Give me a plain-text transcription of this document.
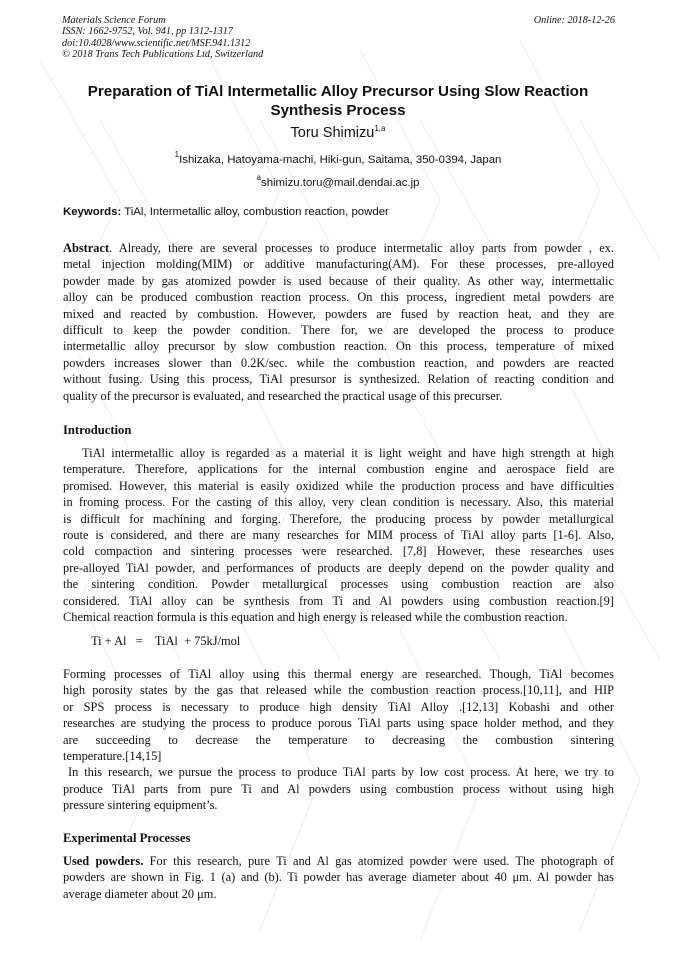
Materials Science Forum
ISSN: 1662-9752, Vol. 941, pp 1312-1317
doi:10.4028/www.scientific.net/MSF.941.1312
© 2018 Trans Tech Publications Ltd, Switzerland
Online: 2018-12-26
Preparation of TiAl Intermetallic Alloy Precursor Using Slow Reaction
Synthesis Process
Toru Shimizu$^{1,a}$
$^1$Ishizaka, Hatoyama-machi, Hiki-gun, Saitama, 350-0394, Japan
$^a$shimizu.toru@mail.dendai.ac.jp
Keywords: TiAl, Intermetallic alloy, combustion reaction, powder
Abstract. Already, there are several processes to produce intermetalic alloy parts from powder , ex.
metal injection molding(MIM) or additive manufacturing(AM). For these processes, pre-alloyed
powder made by gas atomized powder is used because of their quality. As other way, intermettalic
alloy can be produced combustion reaction process. On this process, ingredient metal powders are
mixed and reacted by combustion. However, powders are fused by reaction heat, and they are
difficult to keep the powder condition. There for, we are developed the process to produce
intermetallic alloy precursor by slow combustion reaction. On this process, temperature of mixed
powders increases slower than 0.2K/sec. while the combustion reaction, and powders are reacted
without fusing. Using this process, TiAl presursor is synthesized. Relation of reacting condition and
quality of the precursor is evaluated, and researched the practical usage of this precurser.
Introduction
TiAl intermetallic alloy is regarded as a material it is light weight and have high strength at high
temperature. Therefore, applications for the internal combustion engine and aerospace field are
promised. However, this material is easily oxidized while the production process and have difficulties
in froming process. For the casting of this alloy, very clean condition is necessary. Also, this material
is difficult for machining and forging. Therefore, the producing process by powder metallurgical
route is considered, and there are many researches for MIM process of TiAl alloy parts [1-6]. Also,
cold compaction and sintering processes were researched. [7,8] However, these researches uses
pre-alloyed TiAl powder, and performances of products are deeply depend on the powder quality and
the sintering condition. Powder metallurgical processes using combustion reaction are also
considered. TiAl alloy can be synthesis from Ti and Al powders using combustion reaction.[9]
Chemical reaction formula is this equation and high energy is released while the combustion reaction.
Ti + Al   =    TiAl  + 75kJ/mol
Forming processes of TiAl alloy using this thermal energy are researched. Though, TiAl becomes
high porosity states by the gas that released while the combustion reaction process.[10,11], and HIP
or SPS process is necessary to produce high density TiAl Alloy .[12,13] Kobashi and other
researches are studying the process to produce porous TiAl parts using space holder method, and they
are succeeding to decrease the temperature to decreasing the combustion sintering
temperature.[14,15]
In this research, we pursue the process to produce TiAl parts by low cost process. At here, we try to
produce TiAl parts from pure Ti and Al powders using combustion process without using high
pressure sintering equipment’s.
Experimental Processes
Used powders. For this research, pure Ti and Al gas atomized powder were used. The photograph of
powders are shown in Fig. 1 (a) and (b). Ti powder has average diameter about 40 μm. Al powder has
average diameter about 20 μm.
